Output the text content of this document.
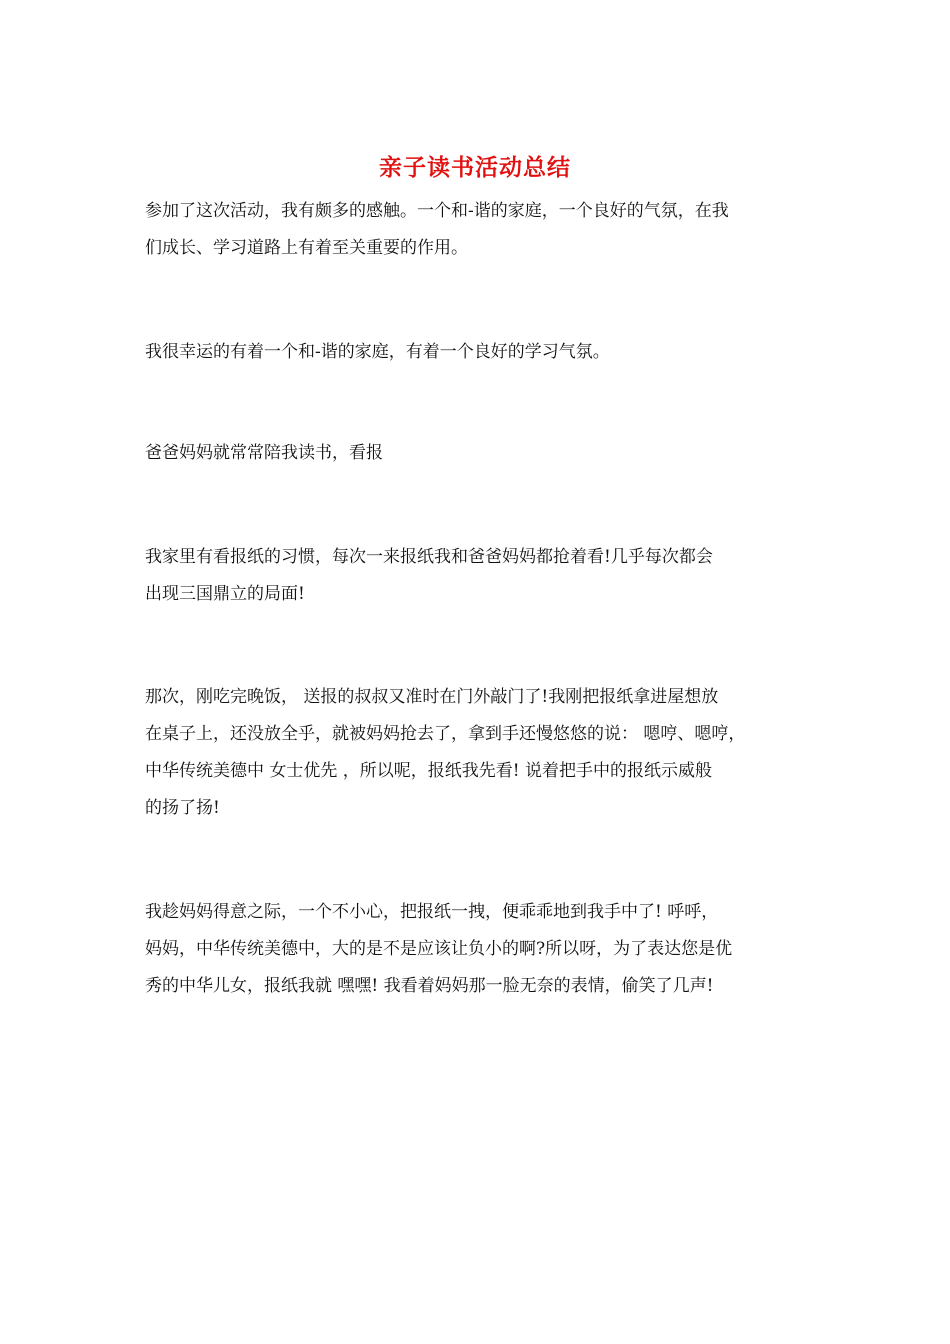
亲子读书活动总结

参加了这次活动，我有颇多的感触。一个和-谐的家庭，一个良好的气氛，在我
们成长、学习道路上有着至关重要的作用。

我很幸运的有着一个和-谐的家庭，有着一个良好的学习气氛。

爸爸妈妈就常常陪我读书，看报

我家里有看报纸的习惯，每次一来报纸我和爸爸妈妈都抢着看!几乎每次都会
出现三国鼎立的局面!

那次，刚吃完晚饭， 送报的叔叔又准时在门外敲门了!我刚把报纸拿进屋想放
在桌子上，还没放全乎，就被妈妈抢去了，拿到手还慢悠悠的说： 嗯哼、嗯哼，
中华传统美德中 女士优先 ，所以呢，报纸我先看! 说着把手中的报纸示威般
的扬了扬!

我趁妈妈得意之际，一个不小心，把报纸一拽，便乖乖地到我手中了! 呼呼，
妈妈，中华传统美德中，大的是不是应该让负小的啊?所以呀，为了表达您是优
秀的中华儿女，报纸我就 嘿嘿! 我看着妈妈那一脸无奈的表情，偷笑了几声!
